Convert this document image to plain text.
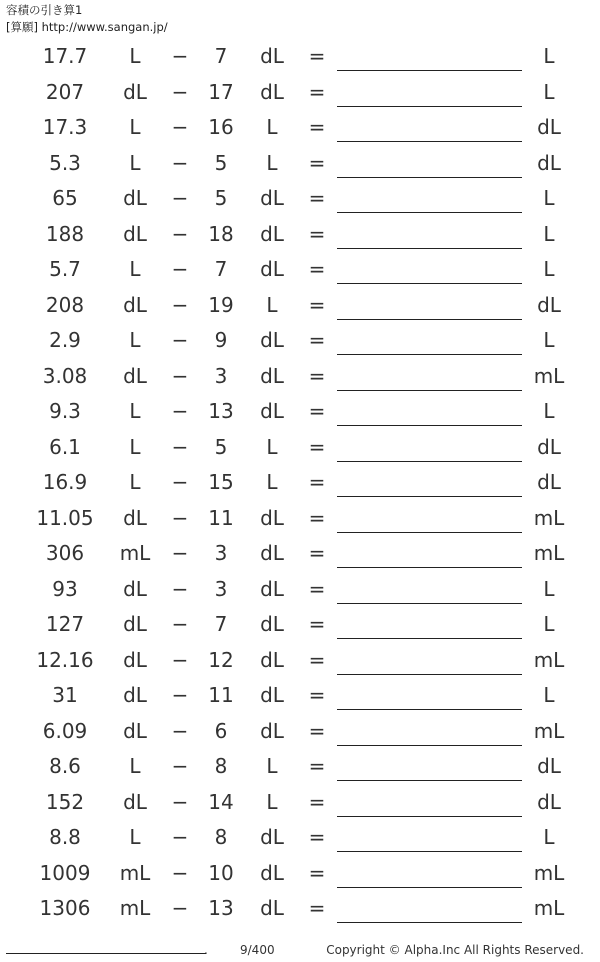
容積の引き算1
[算願] http://www.sangan.jp/
17.7	L	−	7	dL	=	L
207	dL	− 17	dL	=	L
17.3	L	− 16	L	=	dL
5.3	L	−	5	L	=	dL
65	dL	−	5	dL	=	L
188	dL	− 18	dL	=	L
5.7	L	−	7	dL	=	L
208	dL	− 19	L	=	dL
2.9	L	−	9	dL	=	L
3.08	dL	−	3	dL	=	mL
9.3	L	− 13	dL	=	L
6.1	L	−	5	L	=	dL
16.9	L	− 15	L	=	dL
11.05	dL	− 11	dL	=	mL
306	mL	−	3	dL	=	mL
93	dL	−	3	dL	=	L
127	dL	−	7	dL	=	L
12.16	dL	− 12	dL	=	mL
31	dL	− 11	dL	=	L
6.09	dL	−	6	dL	=	mL
8.6	L	−	8	L	=	dL
152	dL	− 14	L	=	dL
8.8	L	−	8	dL	=	L
1009	mL	− 10	dL	=	mL
1306	mL	− 13	dL	=	mL
.	9/400	Copyright © Alpha.Inc All Rights Reserved.
